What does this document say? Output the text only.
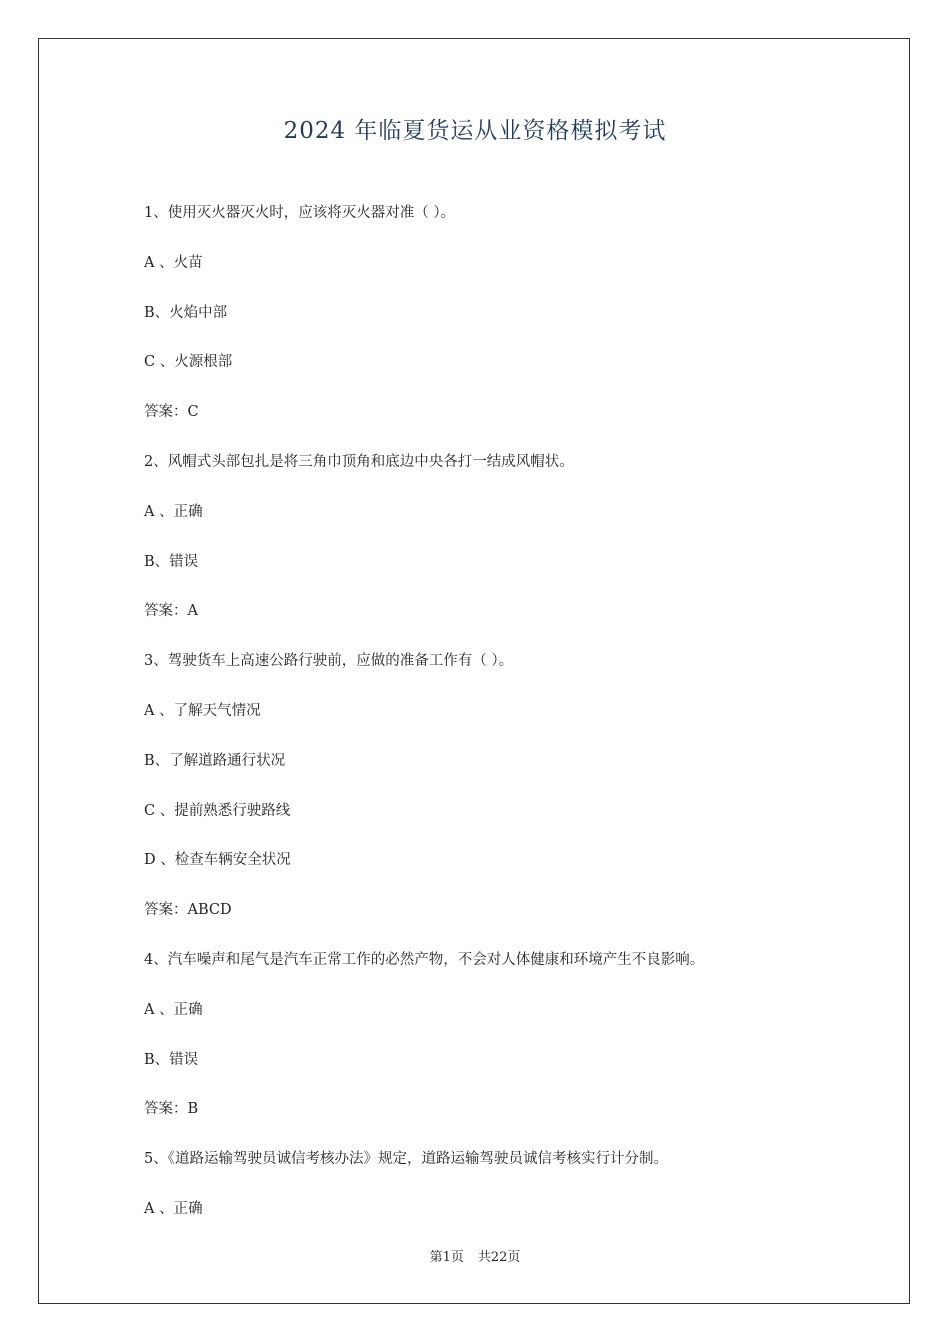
2024 年临夏货运从业资格模拟考试
1、使用灭火器灭火时，应该将灭火器对准（ ）。
A 、火苗
B、火焰中部
C 、火源根部
答案：C
2、风帽式头部包扎是将三角巾顶角和底边中央各打一结成风帽状。
A 、正确
B、错误
答案：A
3、驾驶货车上高速公路行驶前，应做的准备工作有（ ）。
A 、了解天气情况
B、了解道路通行状况
C 、提前熟悉行驶路线
D 、检查车辆安全状况
答案：ABCD
4、汽车噪声和尾气是汽车正常工作的必然产物，不会对人体健康和环境产生不良影响。
A 、正确
B、错误
答案：B
5、《道路运输驾驶员诚信考核办法》规定，道路运输驾驶员诚信考核实行计分制。
A 、正确
第1页 共22页
